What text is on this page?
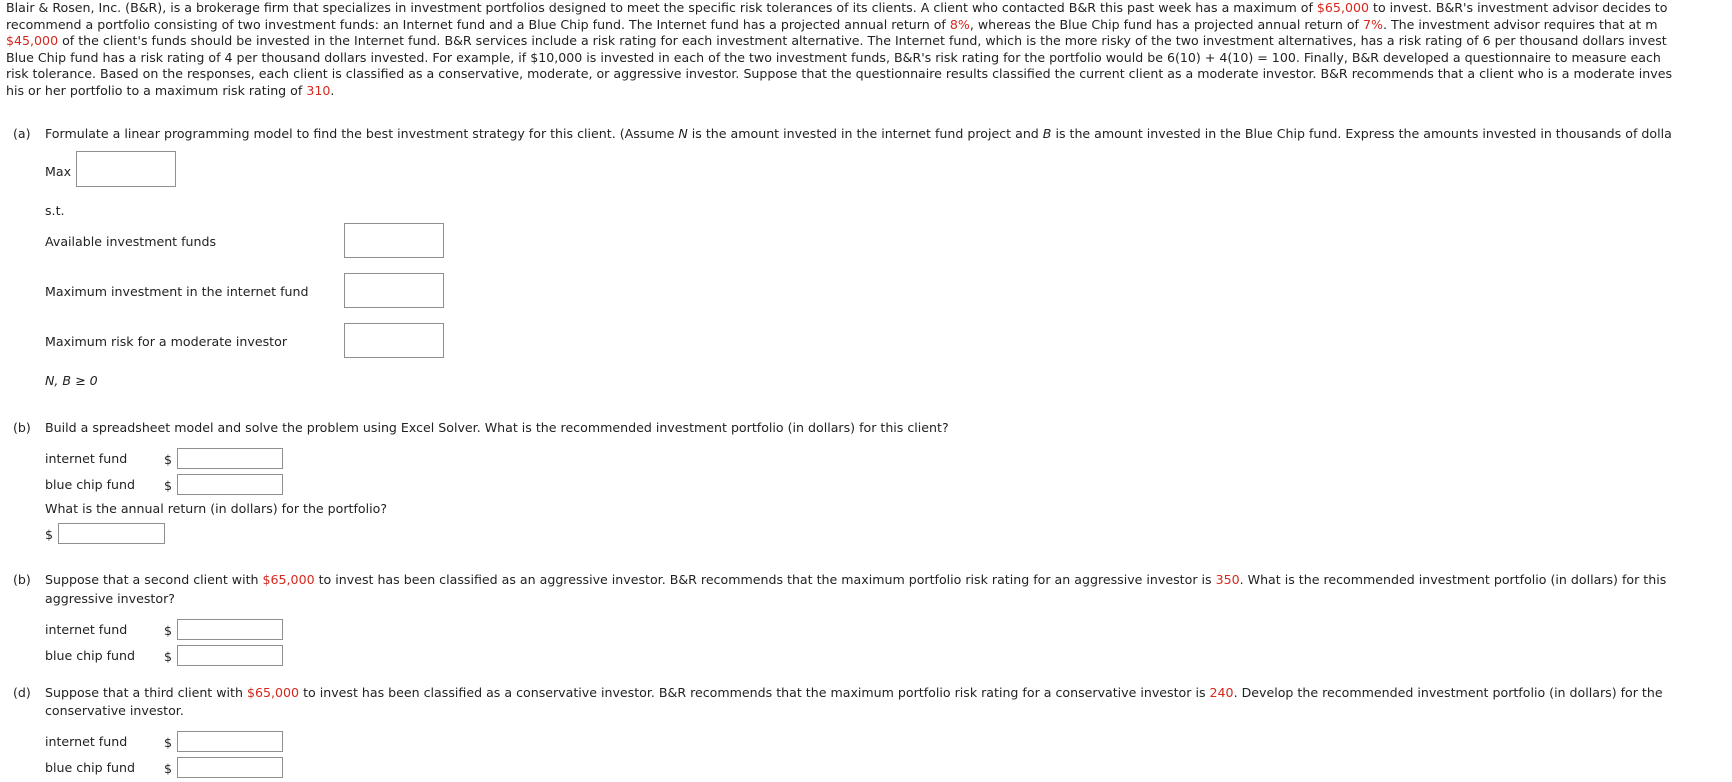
Blair & Rosen, Inc. (B&R), is a brokerage firm that specializes in investment portfolios designed to meet the specific risk tolerances of its clients. A client who contacted B&R this past week has a maximum of $65,000 to invest. B&R's investment advisor decides to
recommend a portfolio consisting of two investment funds: an Internet fund and a Blue Chip fund. The Internet fund has a projected annual return of 8%, whereas the Blue Chip fund has a projected annual return of 7%. The investment advisor requires that at m
$45,000 of the client's funds should be invested in the Internet fund. B&R services include a risk rating for each investment alternative. The Internet fund, which is the more risky of the two investment alternatives, has a risk rating of 6 per thousand dollars invest
Blue Chip fund has a risk rating of 4 per thousand dollars invested. For example, if $10,000 is invested in each of the two investment funds, B&R's risk rating for the portfolio would be 6(10) + 4(10) = 100. Finally, B&R developed a questionnaire to measure each
risk tolerance. Based on the responses, each client is classified as a conservative, moderate, or aggressive investor. Suppose that the questionnaire results classified the current client as a moderate investor. B&R recommends that a client who is a moderate inves
his or her portfolio to a maximum risk rating of 310.
(a) Formulate a linear programming model to find the best investment strategy for this client. (Assume N is the amount invested in the internet fund project and B is the amount invested in the Blue Chip fund. Express the amounts invested in thousands of dolla
Max
s.t.
Available investment funds
Maximum investment in the internet fund
Maximum risk for a moderate investor
N, B ≥ 0
(b) Build a spreadsheet model and solve the problem using Excel Solver. What is the recommended investment portfolio (in dollars) for this client?
internet fund	$
blue chip fund $
What is the annual return (in dollars) for the portfolio?
$
(b) Suppose that a second client with $65,000 to invest has been classified as an aggressive investor. B&R recommends that the maximum portfolio risk rating for an aggressive investor is 350. What is the recommended investment portfolio (in dollars) for this
aggressive investor?
internet fund	$
blue chip fund $
(d) Suppose that a third client with $65,000 to invest has been classified as a conservative investor. B&R recommends that the maximum portfolio risk rating for a conservative investor is 240. Develop the recommended investment portfolio (in dollars) for the
conservative investor.
internet fund	$
blue chip fund $
